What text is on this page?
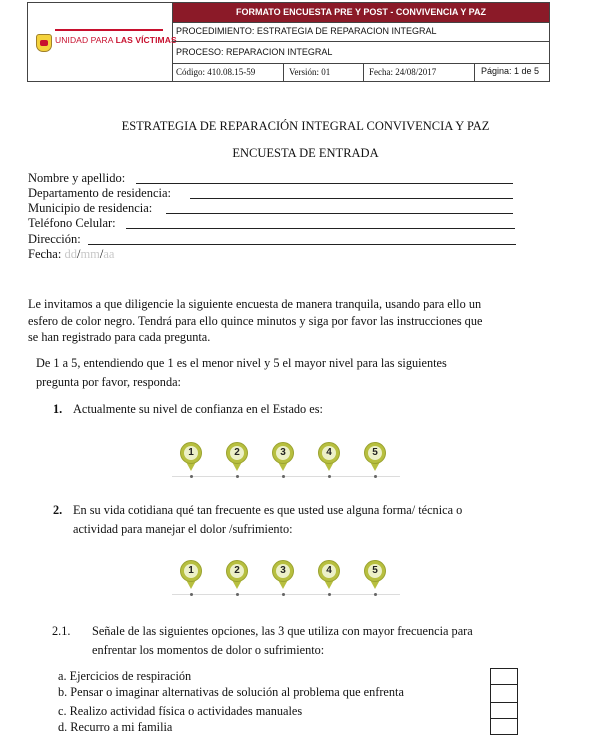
UNIDAD PARA LAS VÍCTIMAS
FORMATO ENCUESTA PRE Y POST - CONVIVENCIA Y PAZ
PROCEDIMIENTO: ESTRATEGIA DE REPARACION INTEGRAL
PROCESO: REPARACION INTEGRAL
Código: 410.08.15-59	Versión: 01	Fecha: 24/08/2017	Página: 1 de 5
ESTRATEGIA DE REPARACIÓN INTEGRAL CONVIVENCIA Y PAZ
ENCUESTA DE ENTRADA
Nombre y apellido:
Departamento de residencia:
Municipio de residencia:
Teléfono Celular:
Dirección:
Fecha: dd/mm/aa
Le invitamos a que diligencie la siguiente encuesta de manera tranquila, usando para ello un
esfero de color negro. Tendrá para ello quince minutos y siga por favor las instrucciones que
se han registrado para cada pregunta.
De 1 a 5, entendiendo que 1 es el menor nivel y 5 el mayor nivel para las siguientes
pregunta por favor, responda:
1. Actualmente su nivel de confianza en el Estado es:
1	2	3	4	5
2. En su vida cotidiana qué tan frecuente es que usted use alguna forma/ técnica o
actividad para manejar el dolor /sufrimiento:
1	2	3	4	5
2.1. Señale de las siguientes opciones, las 3 que utiliza con mayor frecuencia para
enfrentar los momentos de dolor o sufrimiento:
a. Ejercicios de respiración
b. Pensar o imaginar alternativas de solución al problema que enfrenta
c. Realizo actividad física o actividades manuales
d. Recurro a mi familia
